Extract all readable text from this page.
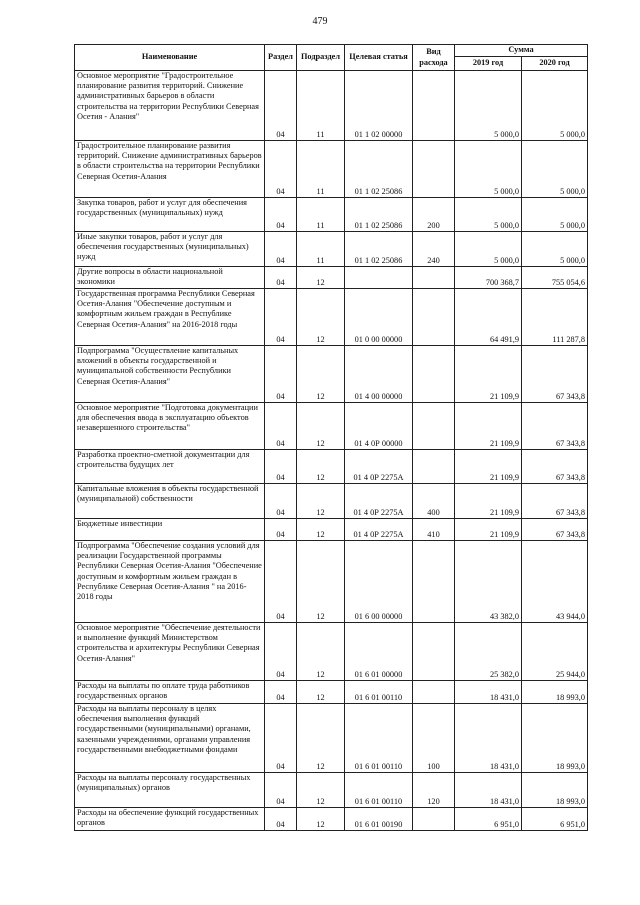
479
Наименование	Раздел	Подраздел	Целевая статья	Вид расхода	Сумма	
					2019 год	2020 год
Основное мероприятие "Градостроительное планирование развития территорий. Снижение административных барьеров в области строительства на территории Республики Северная Осетия - Алания"	04	11	01 1 02 00000		5 000,0	5 000,0
Градостроительное планирование развития территорий. Снижение административных барьеров в области строительства на территории Республики Северная Осетия-Алания	04	11	01 1 02 25086		5 000,0	5 000,0
Закупка товаров, работ и услуг для обеспечения государственных (муниципальных) нужд	04	11	01 1 02 25086	200	5 000,0	5 000,0
Иные закупки товаров, работ и услуг для обеспечения государственных (муниципальных) нужд	04	11	01 1 02 25086	240	5 000,0	5 000,0
Другие вопросы в области национальной экономики	04	12			700 368,7	755 054,6
Государственная программа Республики Северная Осетия-Алания "Обеспечение доступным и комфортным жильем граждан в Республике Северная Осетия-Алания" на 2016-2018 годы	04	12	01 0 00 00000		64 491,9	111 287,8
Подпрограмма "Осуществление капитальных вложений в объекты государственной и муниципальной собственности Республики Северная Осетия-Алания"	04	12	01 4 00 00000		21 109,9	67 343,8
Основное мероприятие "Подготовка документации для обеспечения ввода в эксплуатацию объектов незавершенного строительства"	04	12	01 4 0Р 00000		21 109,9	67 343,8
Разработка проектно-сметной документации для строительства будущих лет	04	12	01 4 0Р 2275А		21 109,9	67 343,8
Капитальные вложения в объекты государственной (муниципальной) собственности	04	12	01 4 0Р 2275А	400	21 109,9	67 343,8
Бюджетные инвестиции	04	12	01 4 0Р 2275А	410	21 109,9	67 343,8
Подпрограмма "Обеспечение создания условий для реализации Государственной программы Республики Северная Осетия-Алания "Обеспечение доступным и комфортным жильем граждан в Республике Северная Осетия-Алания " на 2016-2018 годы	04	12	01 6 00 00000		43 382,0	43 944,0
Основное мероприятие "Обеспечение деятельности и выполнение функций Министерством строительства и архитектуры Республики Северная Осетия-Алания"	04	12	01 6 01 00000		25 382,0	25 944,0
Расходы на выплаты по оплате труда работников государственных органов	04	12	01 6 01 00110		18 431,0	18 993,0
Расходы на выплаты персоналу в целях обеспечения выполнения функций государственными (муниципальными) органами, казенными учреждениями, органами управления государственными внебюджетными фондами	04	12	01 6 01 00110	100	18 431,0	18 993,0
Расходы на выплаты персоналу государственных (муниципальных) органов	04	12	01 6 01 00110	120	18 431,0	18 993,0
Расходы на обеспечение функций государственных органов	04	12	01 6 01 00190		6 951,0	6 951,0
